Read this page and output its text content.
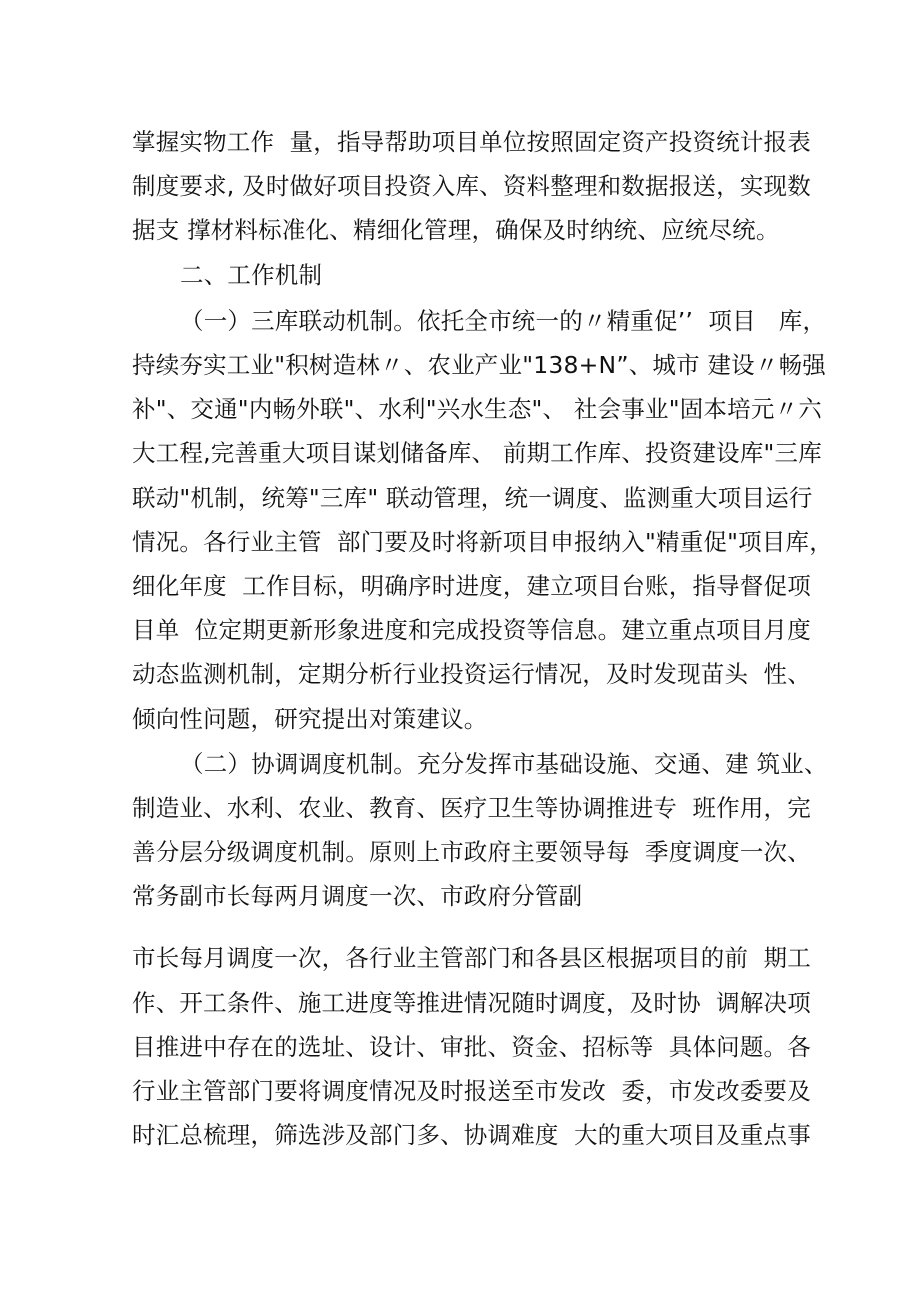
掌握实物工作  量，指导帮助项目单位按照固定资产投资统计报表
制度要求, 及时做好项目投资入库、资料整理和数据报送，实现数
据支 撑材料标准化、精细化管理，确保及时纳统、应统尽统。
二、工作机制
（一）三库联动机制。依托全市统一的〃精重促’’  项目   库，
持续夯实工业"积树造林〃、农业产业"138+N”、城市 建设〃畅强
补"、交通"内畅外联"、水利"兴水生态"、 社会事业"固本培元〃六
大工程,完善重大项目谋划储备库、 前期工作库、投资建设库"三库
联动"机制，统筹"三库" 联动管理，统一调度、监测重大项目运行
情况。各行业主管  部门要及时将新项目申报纳入"精重促"项目库，
细化年度  工作目标，明确序时进度，建立项目台账，指导督促项
目单  位定期更新形象进度和完成投资等信息。建立重点项目月度
动态监测机制，定期分析行业投资运行情况，及时发现苗头  性、
倾向性问题，研究提出对策建议。
（二）协调调度机制。充分发挥市基础设施、交通、建 筑业、
制造业、水利、农业、教育、医疗卫生等协调推进专  班作用，完
善分层分级调度机制。原则上市政府主要领导每  季度调度一次、
常务副市长每两月调度一次、市政府分管副
市长每月调度一次，各行业主管部门和各县区根据项目的前  期工
作、开工条件、施工进度等推进情况随时调度，及时协  调解决项
目推进中存在的选址、设计、审批、资金、招标等  具体问题。各
行业主管部门要将调度情况及时报送至市发改  委，市发改委要及
时汇总梳理，筛选涉及部门多、协调难度  大的重大项目及重点事
